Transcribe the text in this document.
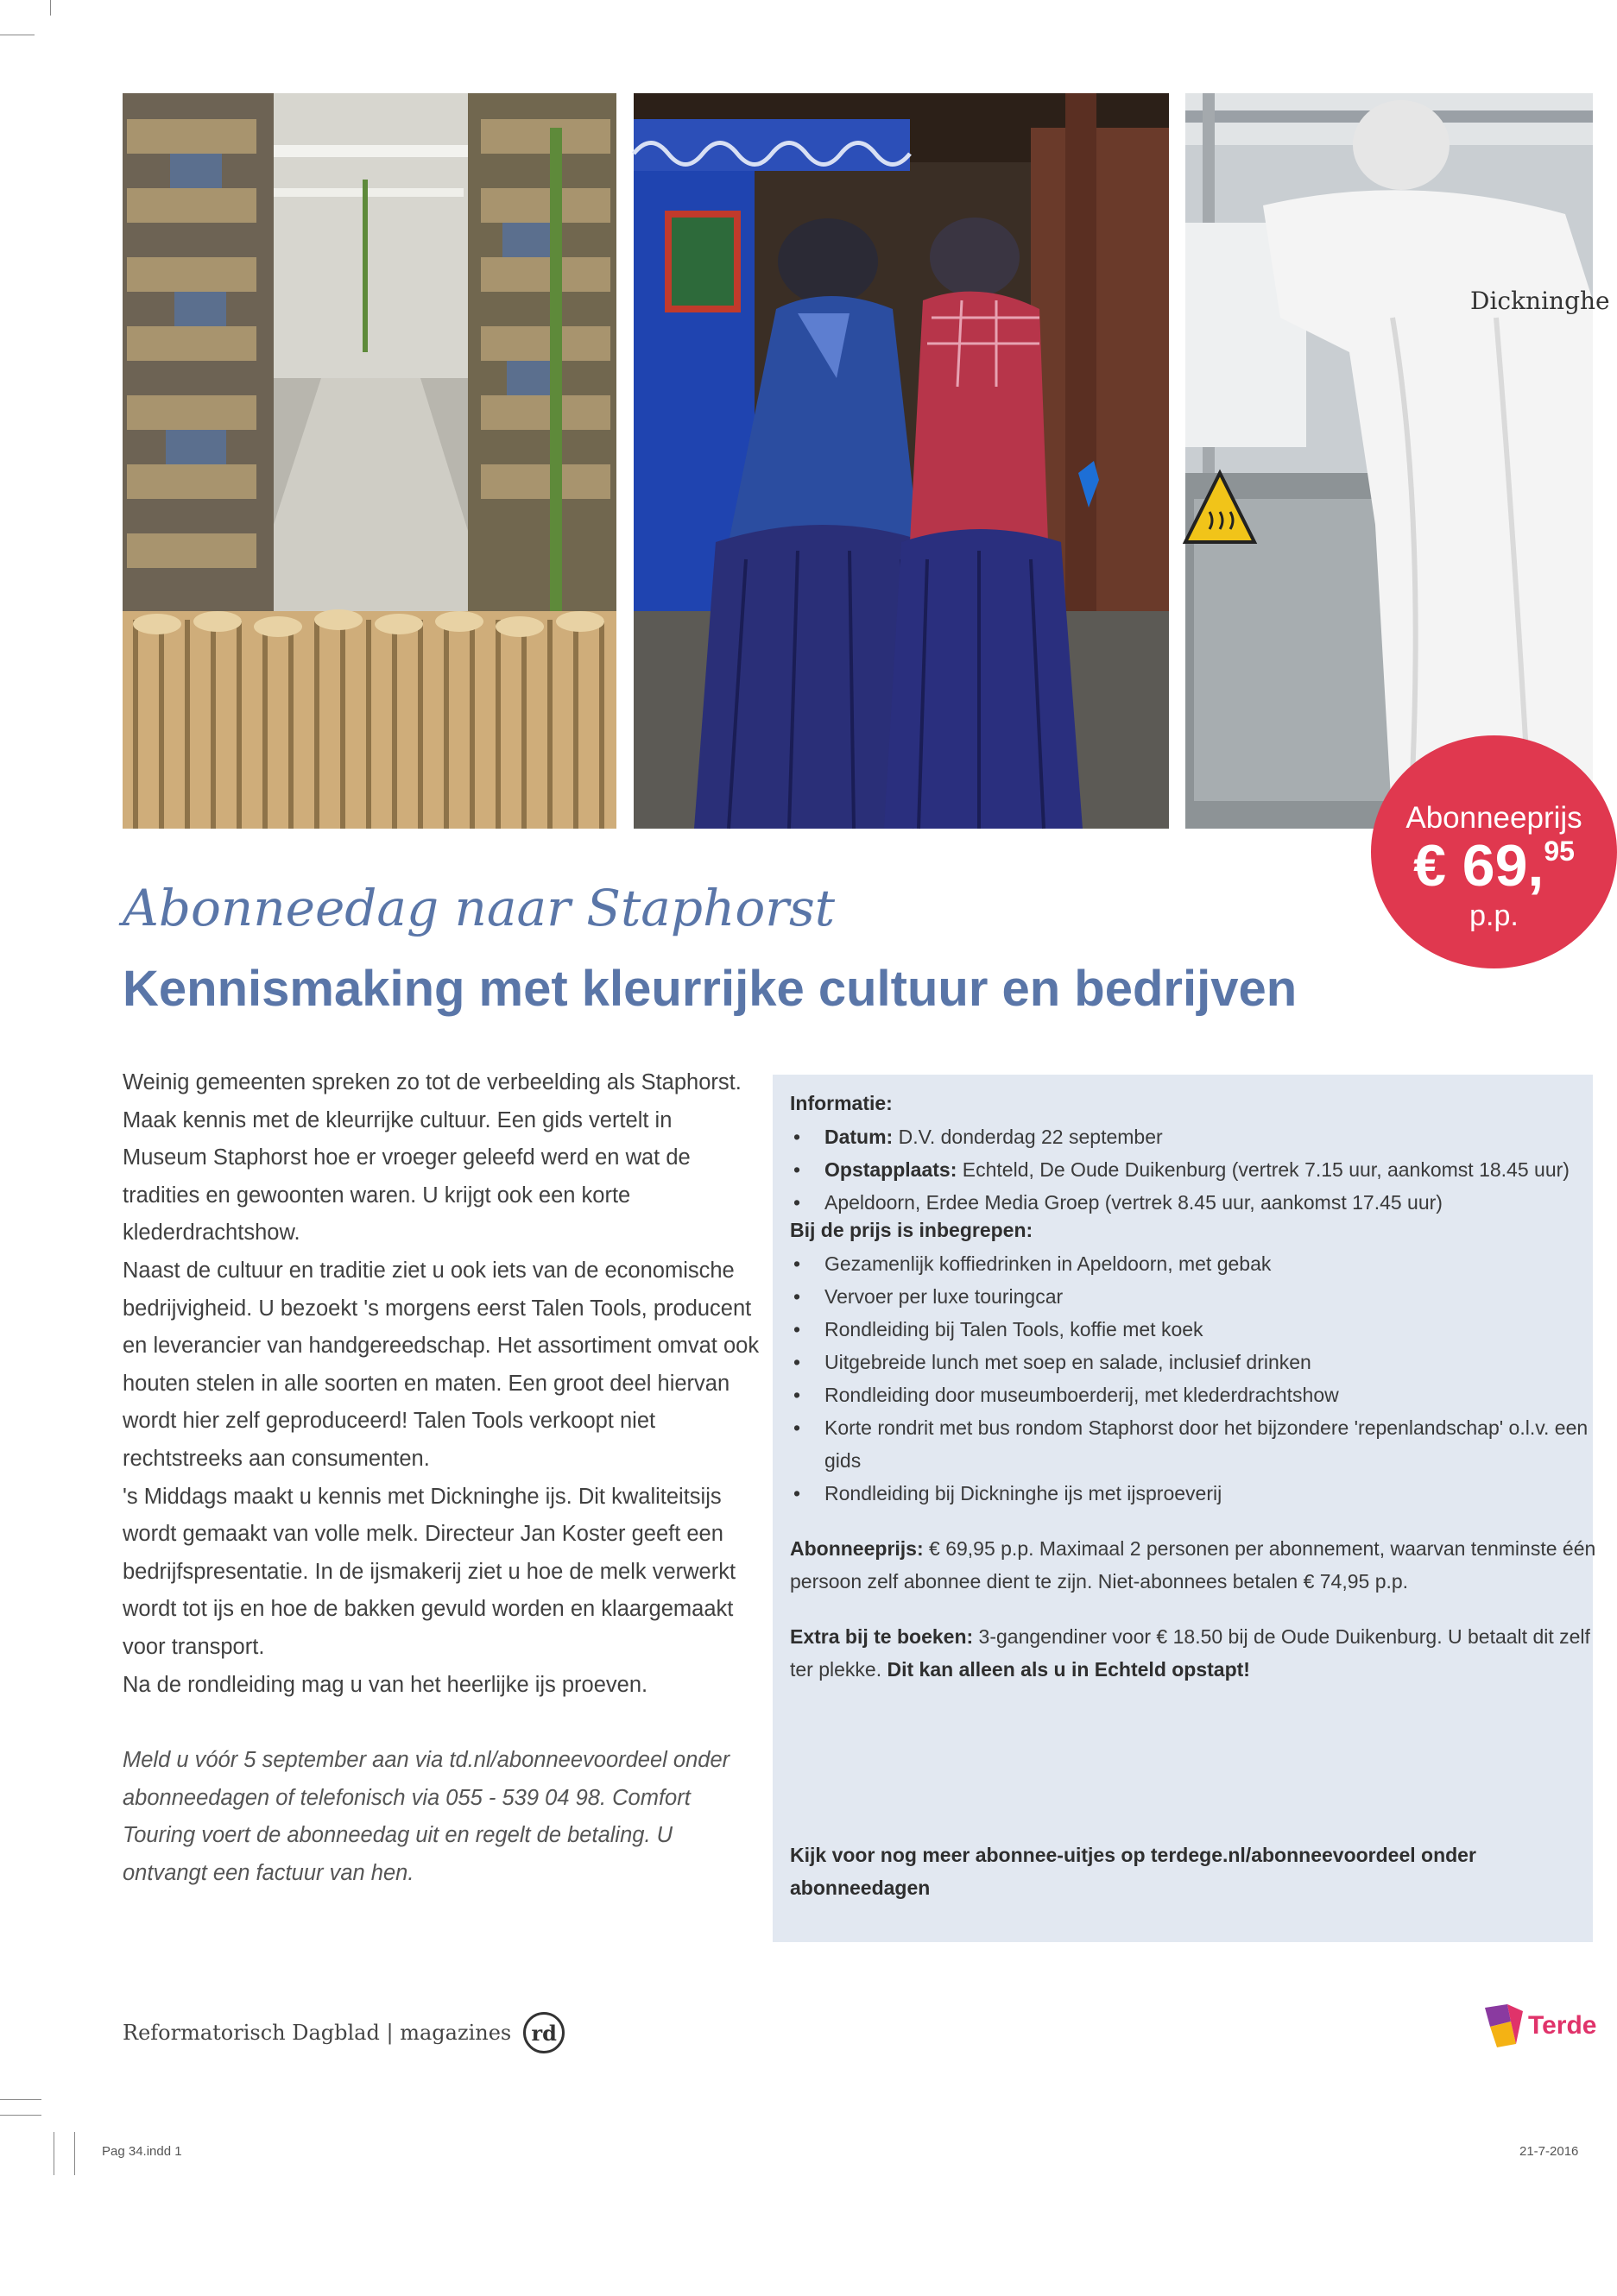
Dickninghe
Abonneeprijs
€ 69,95
p.p.
Abonneedag naar Staphorst
Kennismaking met kleurrijke cultuur en bedrijven

Weinig gemeenten spreken zo tot de verbeelding als Staphorst. Maak kennis met de kleurrijke cultuur. Een gids vertelt in Museum Staphorst hoe er vroeger geleefd werd en wat de tradities en gewoonten waren. U krijgt ook een korte klederdrachtshow.

Naast de cultuur en traditie ziet u ook iets van de economische bedrijvigheid. U bezoekt 's morgens eerst Talen Tools, producent en leverancier van handgereedschap. Het assortiment omvat ook houten stelen in alle soorten en maten. Een groot deel hiervan wordt hier zelf geproduceerd! Talen Tools verkoopt niet rechtstreeks aan consumenten.

's Middags maakt u kennis met Dickninghe ijs. Dit kwaliteitsijs wordt gemaakt van volle melk. Directeur Jan Koster geeft een bedrijfspresentatie. In de ijsmakerij ziet u hoe de melk verwerkt wordt tot ijs en hoe de bakken gevuld worden en klaargemaakt voor transport.

Na de rondleiding mag u van het heerlijke ijs proeven.

Meld u vóór 5 september aan via td.nl/abonneevoordeel onder abonneedagen of telefonisch via 055 - 539 04 98. Comfort Touring voert de abonneedag uit en regelt de betaling. U ontvangt een factuur van hen.

Informatie:
• Datum: D.V. donderdag 22 september
• Opstapplaats: Echteld, De Oude Duikenburg (vertrek 7.15 uur, aankomst 18.45 uur)
• Apeldoorn, Erdee Media Groep (vertrek 8.45 uur, aankomst 17.45 uur)
Bij de prijs is inbegrepen:
• Gezamenlijk koffiedrinken in Apeldoorn, met gebak
• Vervoer per luxe touringcar
• Rondleiding bij Talen Tools, koffie met koek
• Uitgebreide lunch met soep en salade, inclusief drinken
• Rondleiding door museumboerderij, met klederdrachtshow
• Korte rondrit met bus rondom Staphorst door het bijzondere 'repenlandschap' o.l.v. een gids
• Rondleiding bij Dickninghe ijs met ijsproeverij
Abonneeprijs: € 69,95 p.p. Maximaal 2 personen per abonnement, waarvan tenminste één persoon zelf abonnee dient te zijn. Niet-abonnees betalen € 74,95 p.p.
Extra bij te boeken: 3-gangendiner voor € 18.50 bij de Oude Duikenburg. U betaalt dit zelf ter plekke. Dit kan alleen als u in Echteld opstapt!
Kijk voor nog meer abonnee-uitjes op terdege.nl/abonneevoordeel onder abonneedagen
Reformatorisch Dagblad | magazines rd	Terde
Pag 34.indd 1	21-7-2016
